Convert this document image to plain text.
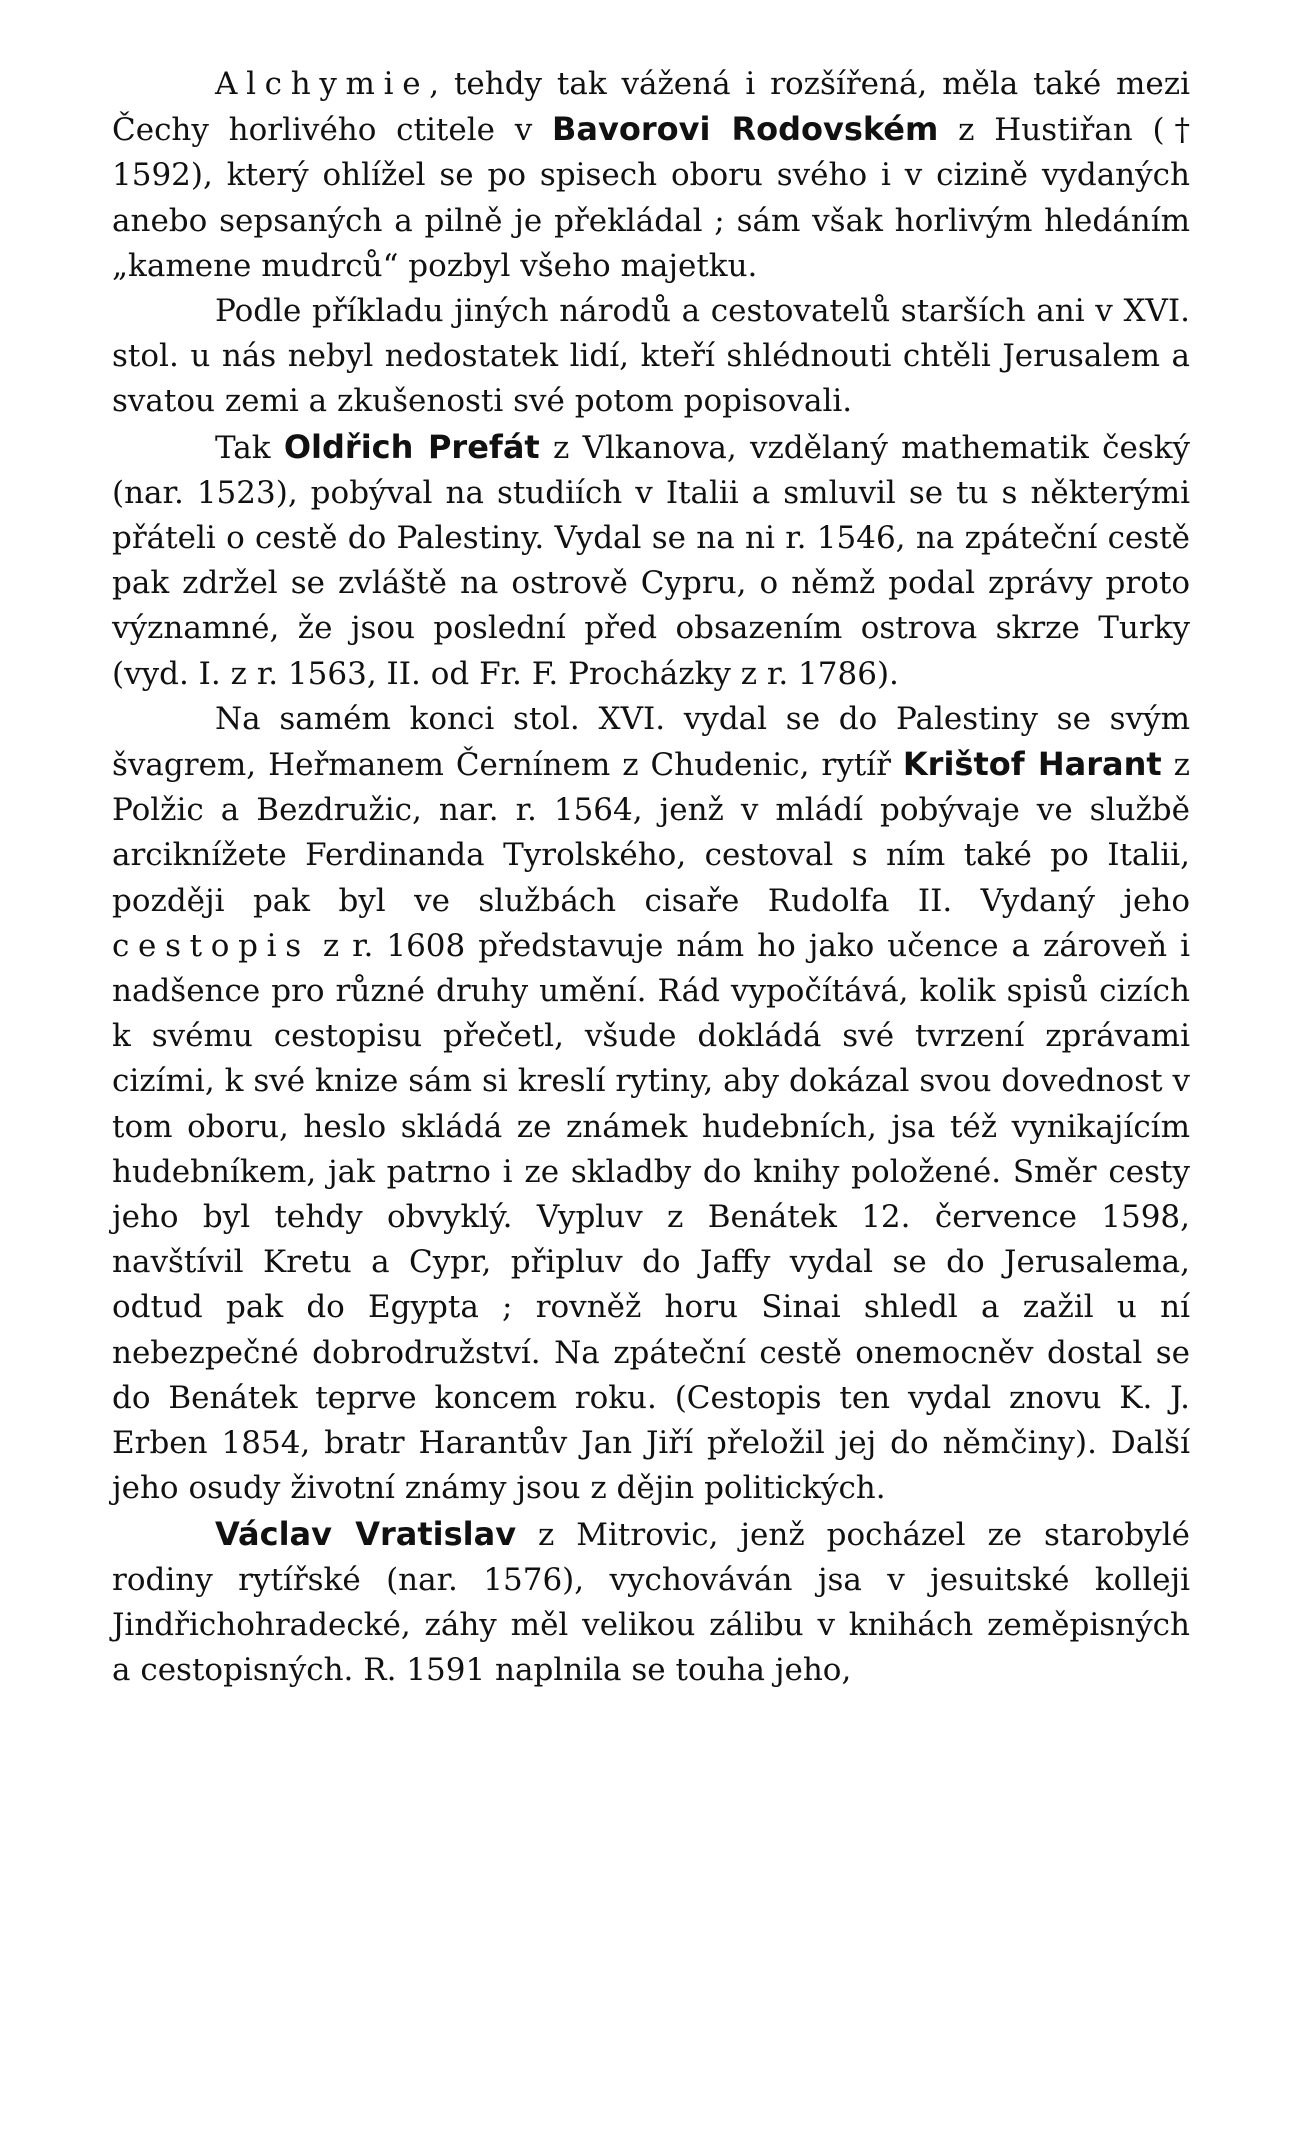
Alchymie, tehdy tak vážená i rozšířená, měla také mezi Čechy horlivého ctitele v Bavorovi Rodovském z Hustiřan († 1592), který ohlížel se po spisech oboru svého i v cizině vydaných anebo sepsaných a pilně je překládal ; sám však horlivým hledáním „kamene mudrců“ pozbyl všeho majetku.

Podle příkladu jiných národů a cestovatelů starších ani v XVI. stol. u nás nebyl nedostatek lidí, kteří shlédnouti chtěli Jerusalem a svatou zemi a zkušenosti své potom popisovali.

Tak Oldřich Prefát z Vlkanova, vzdělaný mathematik český (nar. 1523), pobýval na studiích v Italii a smluvil se tu s některými přáteli o cestě do Palestiny. Vydal se na ni r. 1546, na zpáteční cestě pak zdržel se zvláště na ostrově Cypru, o němž podal zprávy proto významné, že jsou poslední před obsazením ostrova skrze Turky (vyd. I. z r. 1563, II. od Fr. F. Procházky z r. 1786).

Na samém konci stol. XVI. vydal se do Palestiny se svým švagrem, Heřmanem Černínem z Chudenic, rytíř Krištof Harant z Polžic a Bezdružic, nar. r. 1564, jenž v mládí pobývaje ve službě arciknížete Ferdinanda Tyrolského, cestoval s ním také po Italii, později pak byl ve službách cisaře Rudolfa II. Vydaný jeho cestopis z r. 1608 představuje nám ho jako učence a zároveň i nadšence pro různé druhy umění. Rád vypočítává, kolik spisů cizích k svému cestopisu přečetl, všude dokládá své tvrzení zprávami cizími, k své knize sám si kreslí rytiny, aby dokázal svou dovednost v tom oboru, heslo skládá ze známek hudebních, jsa též vynikajícím hudebníkem, jak patrno i ze skladby do knihy položené. Směr cesty jeho byl tehdy obvyklý. Vypluv z Benátek 12. července 1598, navštívil Kretu a Cypr, připluv do Jaffy vydal se do Jerusalema, odtud pak do Egypta ; rovněž horu Sinai shledl a zažil u ní nebezpečné dobrodružství. Na zpáteční cestě onemocněv dostal se do Benátek teprve koncem roku. (Cestopis ten vydal znovu K. J. Erben 1854, bratr Harantův Jan Jiří přeložil jej do němčiny). Další jeho osudy životní známy jsou z dějin politických.

Václav Vratislav z Mitrovic, jenž pocházel ze starobylé rodiny rytířské (nar. 1576), vychováván jsa v jesuitské kolleji Jindřichohradecké, záhy měl velikou zálibu v knihách zeměpisných a cestopisných. R. 1591 naplnila se touha jeho,
